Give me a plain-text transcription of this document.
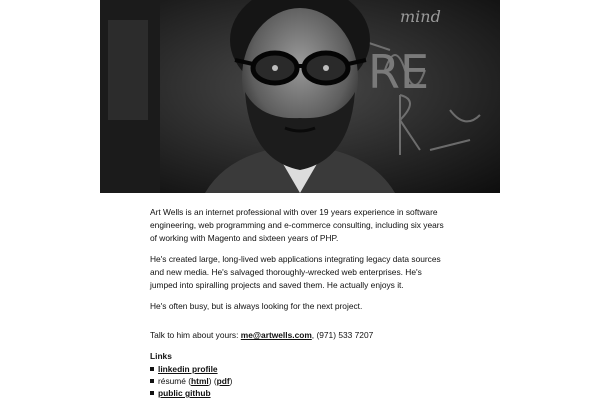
mind
RE

Art Wells is an internet professional with over 19 years experience in software engineering, web programming and e-commerce consulting, including six years of working with Magento and sixteen years of PHP.

He's created large, long-lived web applications integrating legacy data sources and new media. He's salvaged thoroughly-wrecked web enterprises. He's jumped into spiralling projects and saved them. He actually enjoys it.

He's often busy, but is always looking for the next project.

Talk to him about yours: me@artwells.com, (971) 533 7207

Links
linkedin profile
résumé (html) (pdf)
public github
